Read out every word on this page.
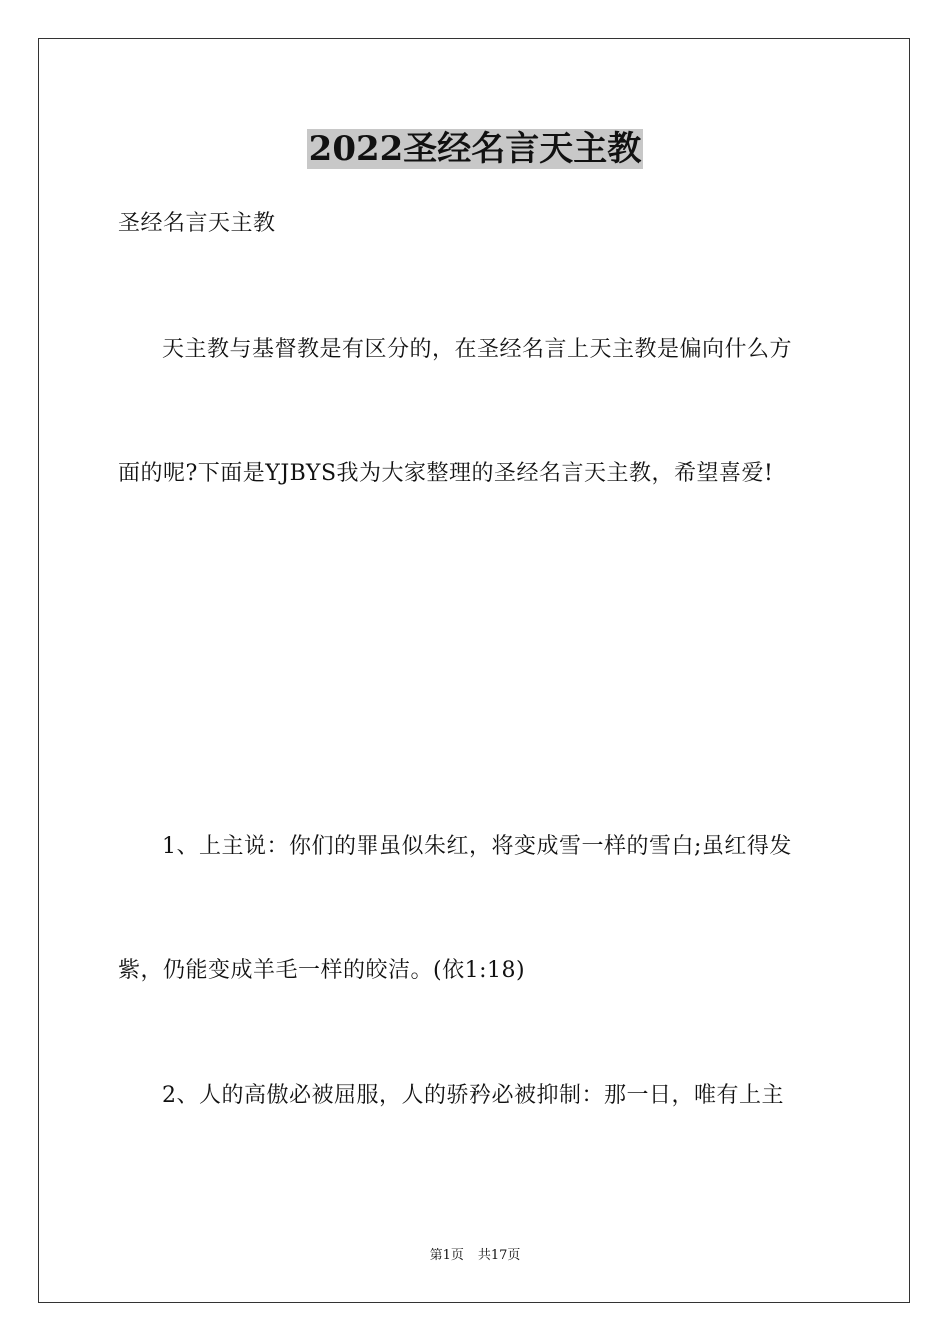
2022圣经名言天主教
圣经名言天主教
天主教与基督教是有区分的，在圣经名言上天主教是偏向什么方
面的呢?下面是YJBYS我为大家整理的圣经名言天主教，希望喜爱!
1、上主说：你们的罪虽似朱红，将变成雪一样的雪白;虽红得发
紫，仍能变成羊毛一样的皎洁。(依1:18)
2、人的高傲必被屈服，人的骄矜必被抑制：那一日，唯有上主
第1页 共17页
